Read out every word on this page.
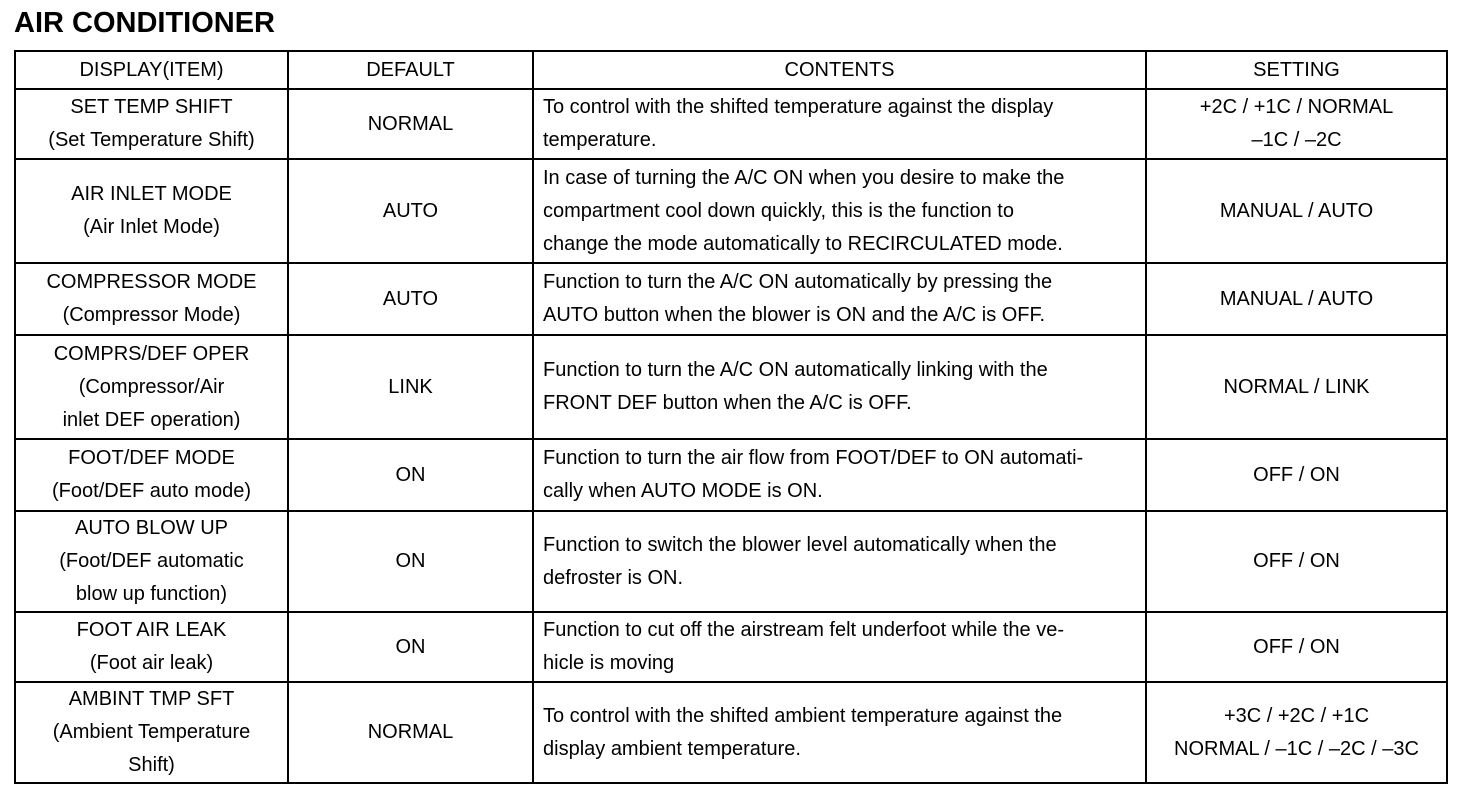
AIR CONDITIONER
DISPLAY(ITEM)	DEFAULT	CONTENTS	SETTING

SET TEMP SHIFT
(Set Temperature Shift)	NORMAL	To control with the shifted temperature against the display
temperature.	+2C / +1C / NORMAL
–1C / –2C

AIR INLET MODE
(Air Inlet Mode)	AUTO	In case of turning the A/C ON when you desire to make the
compartment cool down quickly, this is the function to
change the mode automatically to RECIRCULATED mode.	MANUAL / AUTO

COMPRESSOR MODE
(Compressor Mode)	AUTO	Function to turn the A/C ON automatically by pressing the
AUTO button when the blower is ON and the A/C is OFF.	MANUAL / AUTO

COMPRS/DEF OPER
(Compressor/Air
inlet DEF operation)	LINK	Function to turn the A/C ON automatically linking with the
FRONT DEF button when the A/C is OFF.	NORMAL / LINK

FOOT/DEF MODE
(Foot/DEF auto mode)	ON	Function to turn the air flow from FOOT/DEF to ON automati-
cally when AUTO MODE is ON.	OFF / ON

AUTO BLOW UP
(Foot/DEF automatic
blow up function)	ON	Function to switch the blower level automatically when the
defroster is ON.	OFF / ON

FOOT AIR LEAK
(Foot air leak)	ON	Function to cut off the airstream felt underfoot while the ve-
hicle is moving	OFF / ON

AMBINT TMP SFT
(Ambient Temperature
Shift)	NORMAL	To control with the shifted ambient temperature against the
display ambient temperature.	+3C / +2C / +1C
NORMAL / –1C / –2C / –3C
